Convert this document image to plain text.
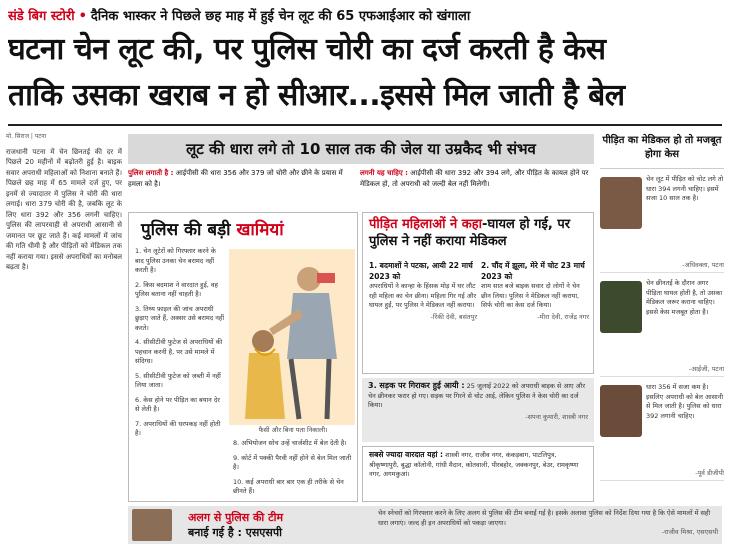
संडे बिग स्टोरी • दैनिक भास्कर ने पिछले छह माह में हुई चेन लूट की 65 एफआईआर को खंगाला
घटना चेन लूट की, पर पुलिस चोरी का दर्ज करती है केस
ताकि उसका खराब न हो सीआर...इससे मिल जाती है बेल
मो. सिराज | पटना

राजधानी पटना में चेन छिनतई की दर में पिछले 20 महीनों में बढ़ोतरी हुई है। बाइक सवार अपराधी महिलाओं को निशाना बनाते हैं। पिछले छह माह में 65 मामले दर्ज हुए, पर इनमें से ज्यादातर में पुलिस ने चोरी की धारा लगाई। धारा 379 चोरी की है, जबकि लूट के लिए धारा 392 और 356 लगनी चाहिए। पुलिस की लापरवाही से अपराधी आसानी से जमानत पर छूट जाते हैं। कई मामलों में जांच की गति धीमी है और पीड़ितों को मेडिकल तक नहीं कराया गया। इससे अपराधियों का मनोबल बढ़ता है।

लूट की धारा लगे तो 10 साल तक की जेल या उम्रकैद भी संभव
पुलिस लगाती है : आईपीसी की धारा 356 और 379 जो चोरी और छीने के प्रयास में हमला को है।
लगनी यह चाहिए : आईपीसी की धारा 392 और 394 लगे, और पीड़ित के कायल होने पर मेडिकल हो, तो अपराधी को जल्दी बेल नहीं मिलेगी।
पुलिस की बड़ी खामियां
1. चेन लूटेरों को गिरफ्तार करने के बाद पुलिस उनका चेन बरामद नहीं करती है।
2. किस बदमाश ने वारदात हुई, वह पुलिस बताना नहीं चाहती है।
3. तिथ्य फ़ाइल की जांच अपराधी छुड़ाए जाते हैं, अक्सर उसे बरामद नहीं करते।
4. सीसीटीवी फुटेज से अपराधियों की पहचान करनी है, पर उसे मामले में संदिग्ध।
5. सीसीटीवी फुटेज को जब्ती में नहीं लिया जाता।
6. केस होने पर पीड़ित का बयान देर से लेती है।
7. अपराधियों की धरपकड़ नहीं होती है।	फैसी और बिना पता निकाली।
8. अभियोजन सोच उन्हें चार्जशीट में बेल देती है।
9. कोर्ट में पक्की पैरवी नहीं होने से बेल मिल जाती है।
10. कई अपराधी बार बार एक ही तरीके से चेन छीनते हैं।
पीड़ित महिलाओं ने कहा-घायल हो गई, पर पुलिस ने नहीं कराया मेडिकल
1. बदमाशों ने पटका, आयी 22 मार्च 2023 को
अपराधियों ने कान्हा के हिंसक मोड़ में घर लौट रही महिला का चेन छीना। महिला गिर गई और घायल हुईं, पर पुलिस ने मेडिकल नहीं कराया।
-रिंकी देवी, बसंतपुर
2. चौंद में झूला, मेरे में चोट 23 मार्च 2023 को
शाम सात बजे बाइक सवार दो लोगों ने चेन छीन लिया। पुलिस ने मेडिकल नहीं कराया, सिर्फ चोरी का केस दर्ज किया।
-मीरा देवी, राजेंद्र नगर
3. सड़क पर गिराकर हुई आयी : 25 जुलाई 2022 को अपराधी बाइक से आए और चेन छीनकर फरार हो गए। सड़क पर गिरने से चोट आई, लेकिन पुलिस ने केस चोरी का दर्ज किया।
-सपना कुमारी, शास्त्री नगर
सबसे ज्यादा वारदात यहां : शास्त्री नगर, राजीव नगर, कंकड़बाग, पाटलिपुत्र, श्रीकृष्णापुरी, बुद्धा कॉलोनी, गांधी मैदान, कोतवाली, पीरबहोर, जक्कनपुर, बेउर, रामकृष्णा नगर, अगमकुआं।
अलग से पुलिस की टीम
बनाई गई है : एसएसपी
चेन स्नेचरों को गिरफ्तार करने के लिए अलग से पुलिस की टीम बनाई गई है। इसके अलावा पुलिस को निर्देश दिया गया है कि ऐसे मामलों में सही धारा लगाएं। जल्द ही इन अपराधियों को पकड़ा जाएगा।
-राजीव मिश्रा, एसएसपी
पीड़ित का मेडिकल हो तो मजबूत होगा केस
चेन लूट में पीड़ित को चोट लगे तो धारा 394 लगनी चाहिए। इसमें सजा 10 साल तक है।
-अधिवक्ता, पटना
चेन छीनतई के दौरान अगर पीड़िता घायल होती है, तो उसका मेडिकल जरूर कराना चाहिए। इससे केस मजबूत होता है।
-आईजी, पटना
धारा 356 में सजा कम है। इसलिए अपराधी को बेल आसानी से मिल जाती है। पुलिस को धारा 392 लगानी चाहिए।
-पूर्व डीजीपी
